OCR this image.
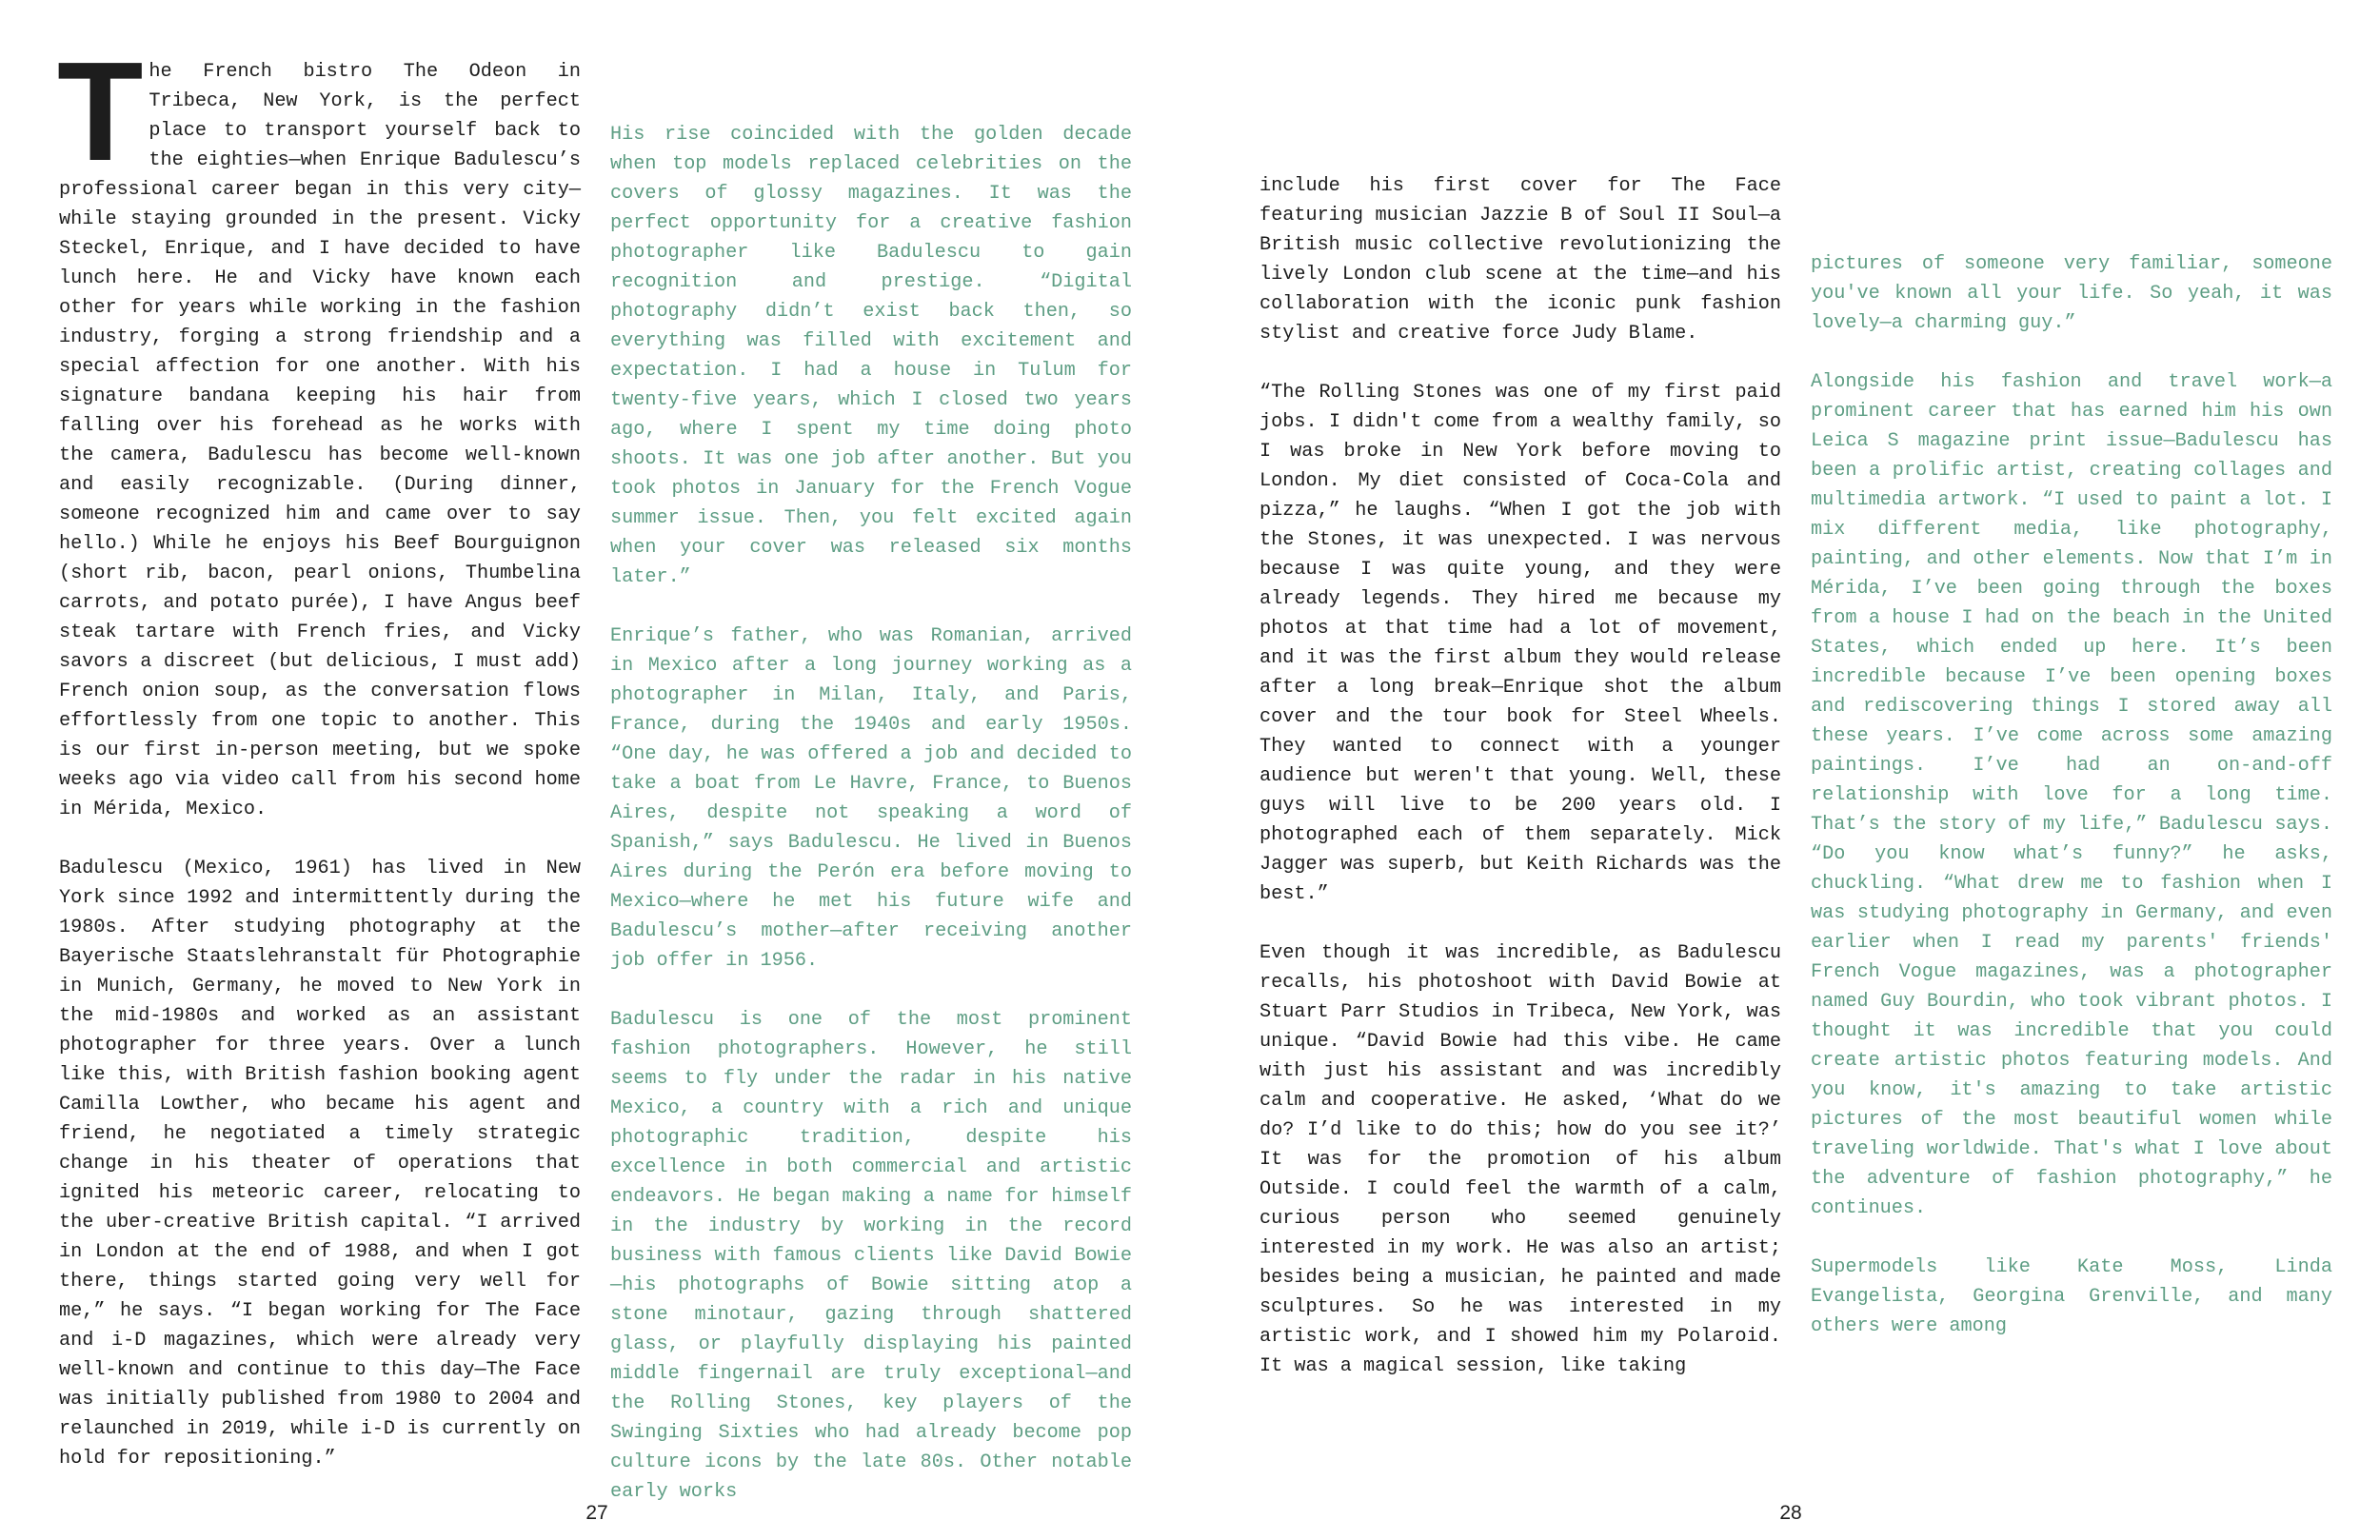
The French bistro The Odeon in Tribeca, New York, is the perfect place to transport yourself back to the eighties—when Enrique Badulescu’s professional career began in this very city—while staying grounded in the present. Vicky Steckel, Enrique, and I have decided to have lunch here. He and Vicky have known each other for years while working in the fashion industry, forging a strong friendship and a special affection for one another. With his signature bandana keeping his hair from falling over his forehead as he works with the camera, Badulescu has become well-known and easily recognizable. (During dinner, someone recognized him and came over to say hello.) While he enjoys his Beef Bourguignon (short rib, bacon, pearl onions, Thumbelina carrots, and potato purée), I have Angus beef steak tartare with French fries, and Vicky savors a discreet (but delicious, I must add) French onion soup, as the conversation flows effortlessly from one topic to another. This is our first in-person meeting, but we spoke weeks ago via video call from his second home in Mérida, Mexico.

Badulescu (Mexico, 1961) has lived in New York since 1992 and intermittently during the 1980s. After studying photography at the Bayerische Staatslehranstalt für Photographie in Munich, Germany, he moved to New York in the mid-1980s and worked as an assistant photographer for three years. Over a lunch like this, with British fashion booking agent Camilla Lowther, who became his agent and friend, he negotiated a timely strategic change in his theater of operations that ignited his meteoric career, relocating to the uber-creative British capital. “I arrived in London at the end of 1988, and when I got there, things started going very well for me,” he says. “I began working for The Face and i-D magazines, which were already very well-known and continue to this day—The Face was initially published from 1980 to 2004 and relaunched in 2019, while i-D is currently on hold for repositioning.”

His rise coincided with the golden decade when top models replaced celebrities on the covers of glossy magazines. It was the perfect opportunity for a creative fashion photographer like Badulescu to gain recognition and prestige. “Digital photography didn’t exist back then, so everything was filled with excitement and expectation. I had a house in Tulum for twenty-five years, which I closed two years ago, where I spent my time doing photo shoots. It was one job after another. But you took photos in January for the French Vogue summer issue. Then, you felt excited again when your cover was released six months later.”

Enrique’s father, who was Romanian, arrived in Mexico after a long journey working as a photographer in Milan, Italy, and Paris, France, during the 1940s and early 1950s. “One day, he was offered a job and decided to take a boat from Le Havre, France, to Buenos Aires, despite not speaking a word of Spanish,” says Badulescu. He lived in Buenos Aires during the Perón era before moving to Mexico—where he met his future wife and Badulescu’s mother—after receiving another job offer in 1956.

Badulescu is one of the most prominent fashion photographers. However, he still seems to fly under the radar in his native Mexico, a country with a rich and unique photographic tradition, despite his excellence in both commercial and artistic endeavors. He began making a name for himself in the industry by working in the record business with famous clients like David Bowie—his photographs of Bowie sitting atop a stone minotaur, gazing through shattered glass, or playfully displaying his painted middle fingernail are truly exceptional—and the Rolling Stones, key players of the Swinging Sixties who had already become pop culture icons by the late 80s. Other notable early works

27

include his first cover for The Face featuring musician Jazzie B of Soul II Soul—a British music collective revolutionizing the lively London club scene at the time—and his collaboration with the iconic punk fashion stylist and creative force Judy Blame.

“The Rolling Stones was one of my first paid jobs. I didn't come from a wealthy family, so I was broke in New York before moving to London. My diet consisted of Coca-Cola and pizza,” he laughs. “When I got the job with the Stones, it was unexpected. I was nervous because I was quite young, and they were already legends. They hired me because my photos at that time had a lot of movement, and it was the first album they would release after a long break—Enrique shot the album cover and the tour book for Steel Wheels. They wanted to connect with a younger audience but weren't that young. Well, these guys will live to be 200 years old. I photographed each of them separately. Mick Jagger was superb, but Keith Richards was the best.”

Even though it was incredible, as Badulescu recalls, his photoshoot with David Bowie at Stuart Parr Studios in Tribeca, New York, was unique. “David Bowie had this vibe. He came with just his assistant and was incredibly calm and cooperative. He asked, ‘What do we do? I’d like to do this; how do you see it?’ It was for the promotion of his album Outside. I could feel the warmth of a calm, curious person who seemed genuinely interested in my work. He was also an artist; besides being a musician, he painted and made sculptures. So he was interested in my artistic work, and I showed him my Polaroid. It was a magical session, like taking

pictures of someone very familiar, someone you've known all your life. So yeah, it was lovely—a charming guy.”

Alongside his fashion and travel work—a prominent career that has earned him his own Leica S magazine print issue—Badulescu has been a prolific artist, creating collages and multimedia artwork. “I used to paint a lot. I mix different media, like photography, painting, and other elements. Now that I’m in Mérida, I’ve been going through the boxes from a house I had on the beach in the United States, which ended up here. It’s been incredible because I’ve been opening boxes and rediscovering things I stored away all these years. I’ve come across some amazing paintings. I’ve had an on-and-off relationship with love for a long time. That’s the story of my life,” Badulescu says. “Do you know what’s funny?” he asks, chuckling. “What drew me to fashion when I was studying photography in Germany, and even earlier when I read my parents' friends' French Vogue magazines, was a photographer named Guy Bourdin, who took vibrant photos. I thought it was incredible that you could create artistic photos featuring models. And you know, it's amazing to take artistic pictures of the most beautiful women while traveling worldwide. That's what I love about the adventure of fashion photography,” he continues.

Supermodels like Kate Moss, Linda Evangelista, Georgina Grenville, and many others were among

28
